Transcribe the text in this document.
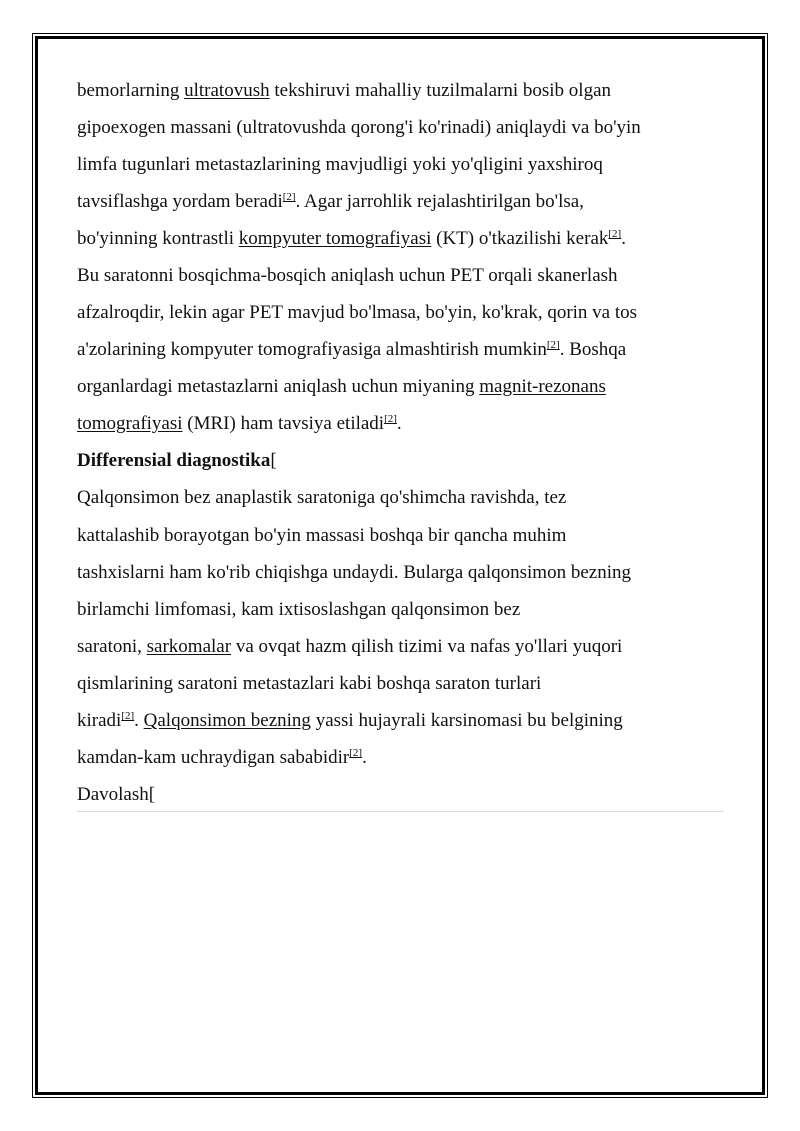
bemorlarning ultratovush tekshiruvi mahalliy tuzilmalarni bosib olgan
gipoexogen massani (ultratovushda qorong'i ko'rinadi) aniqlaydi va bo'yin
limfa tugunlari metastazlarining mavjudligi yoki yo'qligini yaxshiroq
tavsiflashga yordam beradi[2]. Agar jarrohlik rejalashtirilgan bo'lsa,
bo'yinning kontrastli kompyuter tomografiyasi (KT) o'tkazilishi kerak[2].
Bu saratonni bosqichma-bosqich aniqlash uchun PET orqali skanerlash
afzalroqdir, lekin agar PET mavjud bo'lmasa, bo'yin, ko'krak, qorin va tos
a'zolarining kompyuter tomografiyasiga almashtirish mumkin[2]. Boshqa
organlardagi metastazlarni aniqlash uchun miyaning magnit-rezonans
tomografiyasi (MRI) ham tavsiya etiladi[2].
Differensial diagnostika[
Qalqonsimon bez anaplastik saratoniga qo'shimcha ravishda, tez
kattalashib borayotgan bo'yin massasi boshqa bir qancha muhim
tashxislarni ham ko'rib chiqishga undaydi. Bularga qalqonsimon bezning
birlamchi limfomasi, kam ixtisoslashgan qalqonsimon bez
saratoni, sarkomalar va ovqat hazm qilish tizimi va nafas yo'llari yuqori
qismlarining saratoni metastazlari kabi boshqa saraton turlari
kiradi[2]. Qalqonsimon bezning yassi hujayrali karsinomasi bu belgining
kamdan-kam uchraydigan sababidir[2].
Davolash[
